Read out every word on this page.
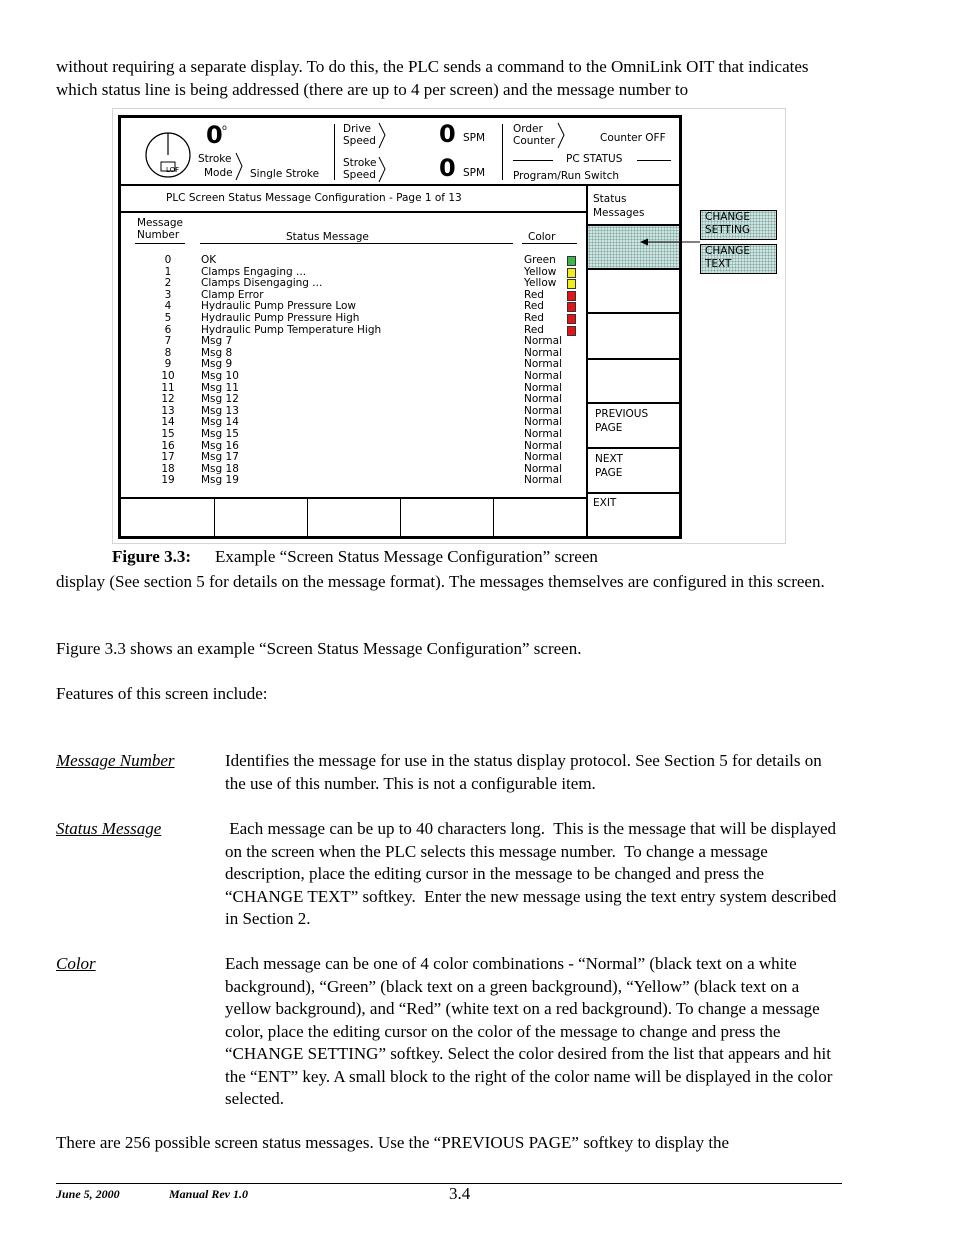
without requiring a separate display. To do this, the PLC sends a command to the OmniLink OIT that indicates which status line is being addressed (there are up to 4 per screen) and the message number to
LOF
0 o
Stroke
Mode Single Stroke
Drive
Speed
Stroke
Speed
0 SPM
0 SPM
Order
Counter	Counter OFF
PC STATUS
Program/Run Switch
PLC Screen Status Message Configuration - Page 1 of 13	Status
Messages
PREVIOUS
PAGE
NEXT
PAGE
EXIT
Message
Number	Status Message	Color
0	OK	Green
1	Clamps Engaging ...	Yellow
2	Clamps Disengaging ...	Yellow
3	Clamp Error	Red
4	Hydraulic Pump Pressure Low	Red
5	Hydraulic Pump Pressure High	Red
6	Hydraulic Pump Temperature High	Red
7	Msg 7	Normal
8	Msg 8	Normal
9	Msg 9	Normal
10	Msg 10	Normal
11	Msg 11	Normal
12	Msg 12	Normal
13	Msg 13	Normal
14	Msg 14	Normal
15	Msg 15	Normal
16	Msg 16	Normal
17	Msg 17	Normal
18	Msg 18	Normal
19	Msg 19	Normal
CHANGE
SETTING
CHANGE
TEXT
Figure 3.3: Example “Screen Status Message Configuration” screen
display (See section 5 for details on the message format). The messages themselves are configured in this screen.
Figure 3.3 shows an example “Screen Status Message Configuration” screen.
Features of this screen include:
Message Number	Identifies the message for use in the status display protocol. See Section 5 for details on the use of this number. This is not a configurable item.
Status Message	Each message can be up to 40 characters long.  This is the message that will be displayed on the screen when the PLC selects this message number.  To change a message description, place the editing cursor in the message to be changed and press the “CHANGE TEXT” softkey.  Enter the new message using the text entry system described in Section 2.
Color	Each message can be one of 4 color combinations - “Normal” (black text on a white background), “Green” (black text on a green background), “Yellow” (black text on a yellow background), and “Red” (white text on a red background). To change a message color, place the editing cursor on the color of the message to change and press the “CHANGE SETTING” softkey. Select the color desired from the list that appears and hit the “ENT” key. A small block to the right of the color name will be displayed in the color selected.
There are 256 possible screen status messages. Use the “PREVIOUS PAGE” softkey to display the
June 5, 2000	Manual Rev 1.0	3.4
